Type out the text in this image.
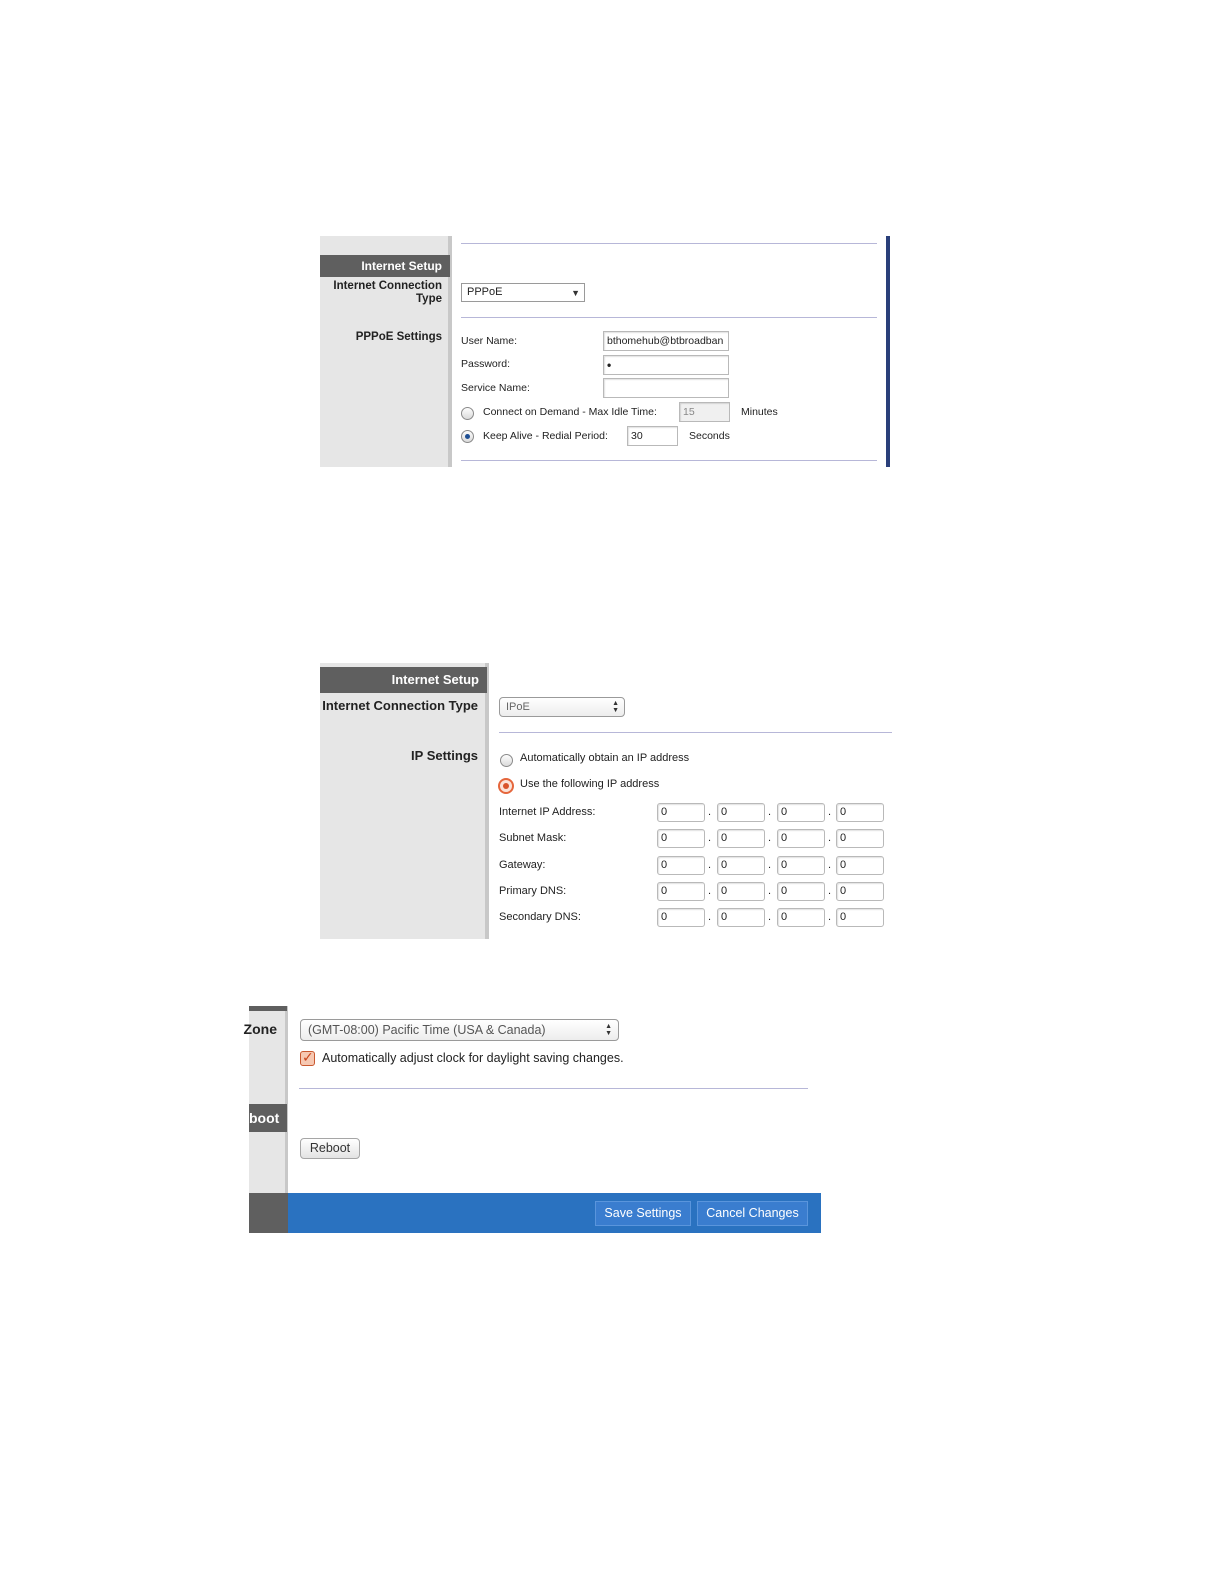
Internet Setup
Internet Connection
Type
PPPoE Settings
PPPoE	▼
User Name:	bthomehub@btbroadban
Password:	•
Service Name:
Connect on Demand - Max Idle Time:	15	Minutes
Keep Alive - Redial Period:	30	Seconds
Internet Setup
Internet Connection Type
IP Settings
IPoE	▲
▼
Automatically obtain an IP address
Use the following IP address
Internet IP Address:	0	. 0	. 0	. 0
Subnet Mask:	0	. 0	. 0	. 0
Gateway:	0	. 0	. 0	. 0
Primary DNS:	0	. 0	. 0	. 0
Secondary DNS:	0	. 0	. 0	. 0
Zone
boot
(GMT-08:00) Pacific Time (USA & Canada)	▲
▼
✓ Automatically adjust clock for daylight saving changes.
Reboot
Save Settings	Cancel Changes
